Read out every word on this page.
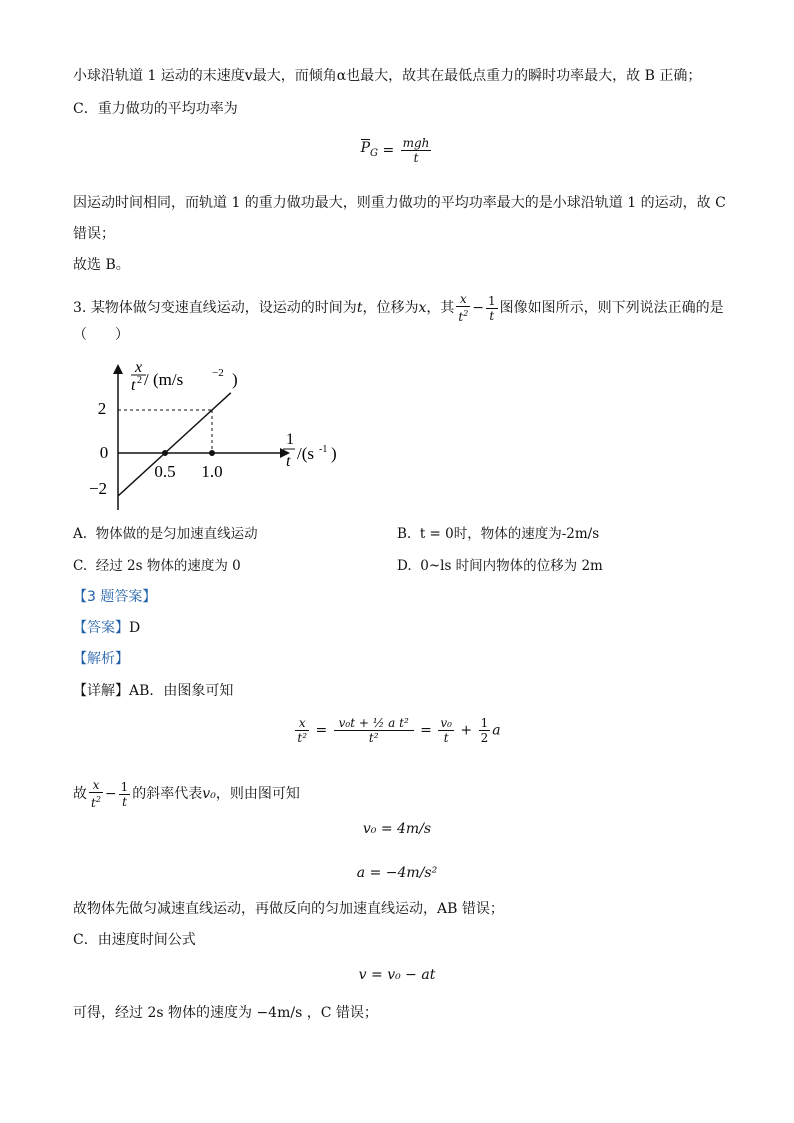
小球沿轨道 1 运动的末速度v最大，而倾角α也最大，故其在最低点重力的瞬时功率最大，故 B 正确；
C．重力做功的平均功率为
$P_G = \frac{\text{mgh}}{t}$
因运动时间相同，而轨道 1 的重力做功最大，则重力做功的平均功率最大的是小球沿轨道 1 的运动，故 C
错误；
故选 B。
3. 某物体做匀变速直线运动，设运动的时间为t，位移为x，其 $\frac{x}{t^2} - \frac{1}{t}$ 图像如图所示，则下列说法正确的是
（　　）
2
0
−2
0.5 1.0
x
t 2 / (m/s	−2 )
1
t /(s -1 )
A. 物体做的是匀加速直线运动	B. t = 0时，物体的速度为-2m/s
C. 经过 2s 物体的速度为 0	D. 0~ls 时间内物体的位移为 2m
【3 题答案】
【答案】D
【解析】
【详解】AB．由图象可知
$\frac{x}{\text{t²}} = \frac{\text{v₀t + ½ a t²}}{\text{t²}} = \frac{\text{v₀}}{t} + \frac{1}{2}$ a
故 $\frac{x}{t^2} - \frac{1}{t}$ 的斜率代表v₀，则由图可知
v₀ = 4m/s
a = −4m/s²
故物体先做匀减速直线运动，再做反向的匀加速直线运动，AB 错误；
C．由速度时间公式
v = v₀ − at
可得，经过 2s 物体的速度为 −4m/s ，C 错误；
